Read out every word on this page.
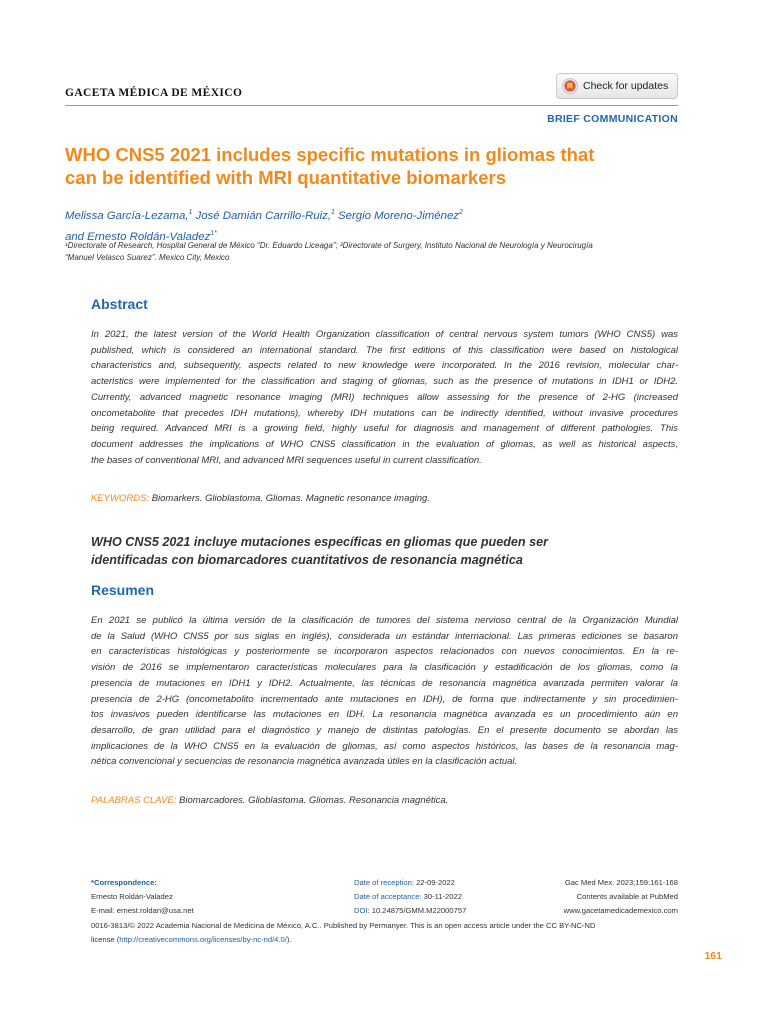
GACETA MÉDICA DE MÉXICO
Check for updates
BRIEF COMMUNICATION
WHO CNS5 2021 includes specific mutations in gliomas that
can be identified with MRI quantitative biomarkers
Melissa García-Lezama,$^1$ José Damián Carrillo-Ruiz,$^1$ Sergio Moreno-Jiménez$^2$
and Ernesto Roldán-Valadez$^{1*}$
¹Directorate of Research, Hospital General de México “Dr. Eduardo Liceaga”; ²Directorate of Surgery, Instituto Nacional de Neurología y Neurocirugía
“Manuel Velasco Suarez”. Mexico City, Mexico
Abstract
In 2021, the latest version of the World Health Organization classification of central nervous system tumors (WHO CNS5) was
published, which is considered an international standard. The first editions of this classification were based on histological
characteristics and, subsequently, aspects related to new knowledge were incorporated. In the 2016 revision, molecular char-
acteristics were implemented for the classification and staging of gliomas, such as the presence of mutations in IDH1 or IDH2.
Currently, advanced magnetic resonance imaging (MRI) techniques allow assessing for the presence of 2-HG (increased
oncometabolite that precedes IDH mutations), whereby IDH mutations can be indirectly identified, without invasive procedures
being required. Advanced MRI is a growing field, highly useful for diagnosis and management of different pathologies. This
document addresses the implications of WHO CNS5 classification in the evaluation of gliomas, as well as historical aspects,
the bases of conventional MRI, and advanced MRI sequences useful in current classification.
KEYWORDS: Biomarkers. Glioblastoma. Gliomas. Magnetic resonance imaging.
WHO CNS5 2021 incluye mutaciones específicas en gliomas que pueden ser
identificadas con biomarcadores cuantitativos de resonancia magnética
Resumen
En 2021 se publicó la última versión de la clasificación de tumores del sistema nervioso central de la Organización Mundial
de la Salud (WHO CNS5 por sus siglas en inglés), considerada un estándar internacional. Las primeras ediciones se basaron
en características histológicas y posteriormente se incorporaron aspectos relacionados con nuevos conocimientos. En la re-
visión de 2016 se implementaron características moleculares para la clasificación y estadificación de los gliomas, como la
presencia de mutaciones en IDH1 y IDH2. Actualmente, las técnicas de resonancia magnética avanzada permiten valorar la
presencia de 2-HG (oncometabolito incrementado ante mutaciones en IDH), de forma que indirectamente y sin procedimien-
tos invasivos pueden identificarse las mutaciones en IDH. La resonancia magnética avanzada es un procedimiento aún en
desarrollo, de gran utilidad para el diagnóstico y manejo de distintas patologías. En el presente documento se abordan las
implicaciones de la WHO CNS5 en la evaluación de gliomas, así como aspectos históricos, las bases de la resonancia mag-
nética convencional y secuencias de resonancia magnética avanzada útiles en la clasificación actual.
PALABRAS CLAVE: Biomarcadores. Glioblastoma. Gliomas. Resonancia magnética.
*Correspondence:
Ernesto Roldán-Valadez
E-mail: ernest.roldan@usa.net
Date of reception: 22-09-2022
Date of acceptance: 30-11-2022
DOI: 10.24875/GMM.M22000757
Gac Med Mex. 2023;159:161-168
Contents available at PubMed
www.gacetamedicademexico.com
0016-3813/© 2022 Academia Nacional de Medicina de México, A.C.. Published by Permanyer. This is an open access article under the CC BY-NC-ND
license (http://creativecommons.org/licenses/by-nc-nd/4.0/).
161
